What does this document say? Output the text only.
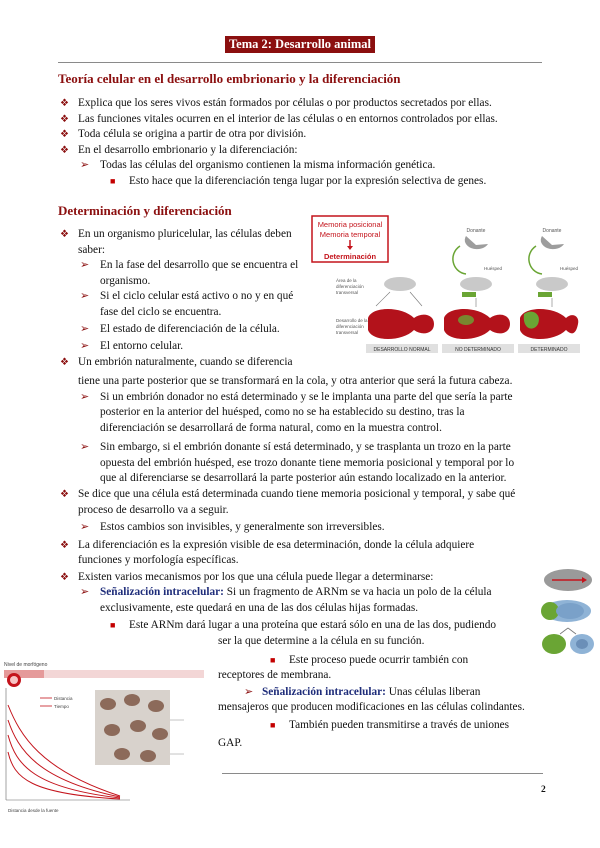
Tema 2: Desarrollo animal
Teoría celular en el desarrollo embrionario y la diferenciación
❖ Explica que los seres vivos están formados por células o por productos secretados por ellas.
❖ Las funciones vitales ocurren en el interior de las células o en entornos controlados por ellas.
❖ Toda célula se origina a partir de otra por división.
❖ En el desarrollo embrionario y la diferenciación:
➢ Todas las células del organismo contienen la misma información genética.
■ Esto hace que la diferenciación tenga lugar por la expresión selectiva de genes.
Determinación y diferenciación
❖ En un organismo pluricelular, las células deben
saber:
➢ En la fase del desarrollo que se encuentra el
organismo.
➢ Si el ciclo celular está activo o no y en qué
fase del ciclo se encuentra.
➢ El estado de diferenciación de la célula.
➢ El entorno celular.
❖ Un embrión naturalmente, cuando se diferencia
tiene una parte posterior que se transformará en la cola, y otra anterior que será la futura cabeza.
➢ Si un embrión donador no está determinado y se le implanta una parte del que sería la parte
posterior en la anterior del huésped, como no se ha establecido su destino, tras la
diferenciación se desarrollará de forma natural, como en la muestra control.
➢ Sin embargo, si el embrión donante sí está determinado, y se trasplanta un trozo en la parte
opuesta del embrión huésped, ese trozo donante tiene memoria posicional y temporal por lo
que al diferenciarse se desarrollará la parte posterior aún estando localizado en la anterior.
❖ Se dice que una célula está determinada cuando tiene memoria posicional y temporal, y sabe qué
proceso de desarrollo va a seguir.
➢ Estos cambios son invisibles, y generalmente son irreversibles.
❖ La diferenciación es la expresión visible de esa determinación, donde la célula adquiere
funciones y morfología específicas.
❖ Existen varios mecanismos por los que una célula puede llegar a determinarse:
➢ Señalización intracelular: Si un fragmento de ARNm se va hacia un polo de la célula
exclusivamente, este quedará en una de las dos células hijas formadas.
■ Este ARNm dará lugar a una proteína que estará sólo en una de las dos, pudiendo
ser la que determine a la célula en su función.
■ Este proceso puede ocurrir también con
receptores de membrana.
➢ Señalización intracelular: Unas células liberan
mensajeros que producen modificaciones en las células colindantes.
■ También pueden transmitirse a través de uniones
GAP.
2
Memoria posicional
Memoria temporal
Determinación
Donante	Donante
Huésped	Huésped
Área de la
diferenciación
transversal
Desarrollo de la
diferenciación
transversal
DESARROLLO NORMAL	NO DETERMINADO	DETERMINADO
Nivel de morfógeno
Distancia
Tiempo
Distancia desde la fuente
